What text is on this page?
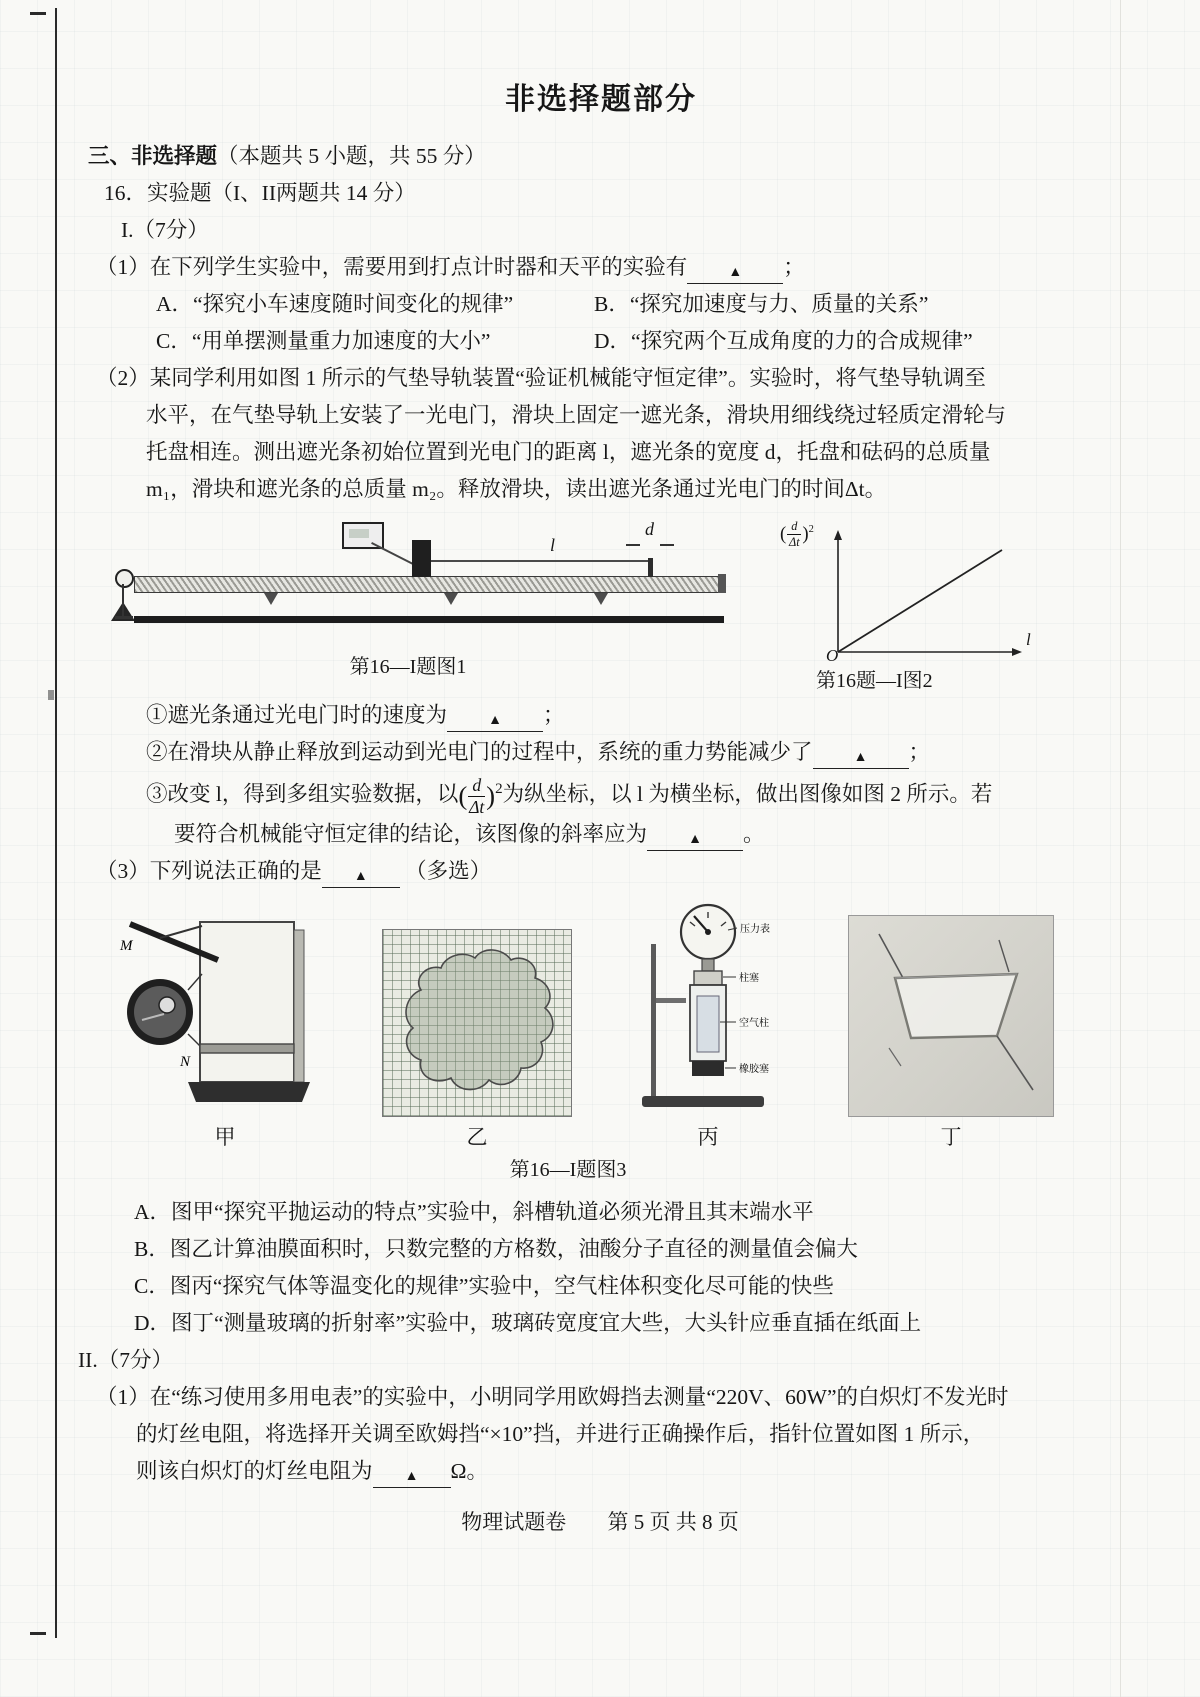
非选择题部分
三、非选择题（本题共 5 小题，共 55 分）
16．实验题（I、II两题共 14 分）
I.（7分）
（1）在下列学生实验中，需要用到打点计时器和天平的实验有	▲ ；
A．“探究小车速度随时间变化的规律”	B．“探究加速度与力、质量的关系”
C．“用单摆测量重力加速度的大小”	D．“探究两个互成角度的力的合成规律”
（2）某同学利用如图 1 所示的气垫导轨装置“验证机械能守恒定律”。实验时，将气垫导轨调至
水平，在气垫导轨上安装了一光电门，滑块上固定一遮光条，滑块用细线绕过轻质定滑轮与
托盘相连。测出遮光条初始位置到光电门的距离 l，遮光条的宽度 d，托盘和砝码的总质量
m₁，滑块和遮光条的总质量 m₂。释放滑块，读出遮光条通过光电门的时间Δt。
l
d
第16—I题图1
( $\frac{d}{\Delta t} )^2$
O
l
第16题—I图2
①遮光条通过光电门时的速度为	▲ ；
②在滑块从静止释放到运动到光电门的过程中，系统的重力势能减少了	▲ ；
③改变 l，得到多组实验数据，以( $\frac{d}{\Delta t} )^2$为纵坐标，以 l 为横坐标，做出图像如图 2 所示。若
要符合机械能守恒定律的结论，该图像的斜率应为	▲ 。
（3）下列说法正确的是 ▲ （多选）
M
N
甲	乙
压力表
柱塞
空气柱
橡胶塞
丙	丁
第16—I题图3
A．图甲“探究平抛运动的特点”实验中，斜槽轨道必须光滑且其末端水平
B．图乙计算油膜面积时，只数完整的方格数，油酸分子直径的测量值会偏大
C．图丙“探究气体等温变化的规律”实验中，空气柱体积变化尽可能的快些
D．图丁“测量玻璃的折射率”实验中，玻璃砖宽度宜大些，大头针应垂直插在纸面上
II.（7分）
（1）在“练习使用多用电表”的实验中，小明同学用欧姆挡去测量“220V、60W”的白炽灯不发光时
的灯丝电阻，将选择开关调至欧姆挡“×10”挡，并进行正确操作后，指针位置如图 1 所示，
则该白炽灯的灯丝电阻为 ▲ Ω。
物理试题卷 第 5 页 共 8 页
